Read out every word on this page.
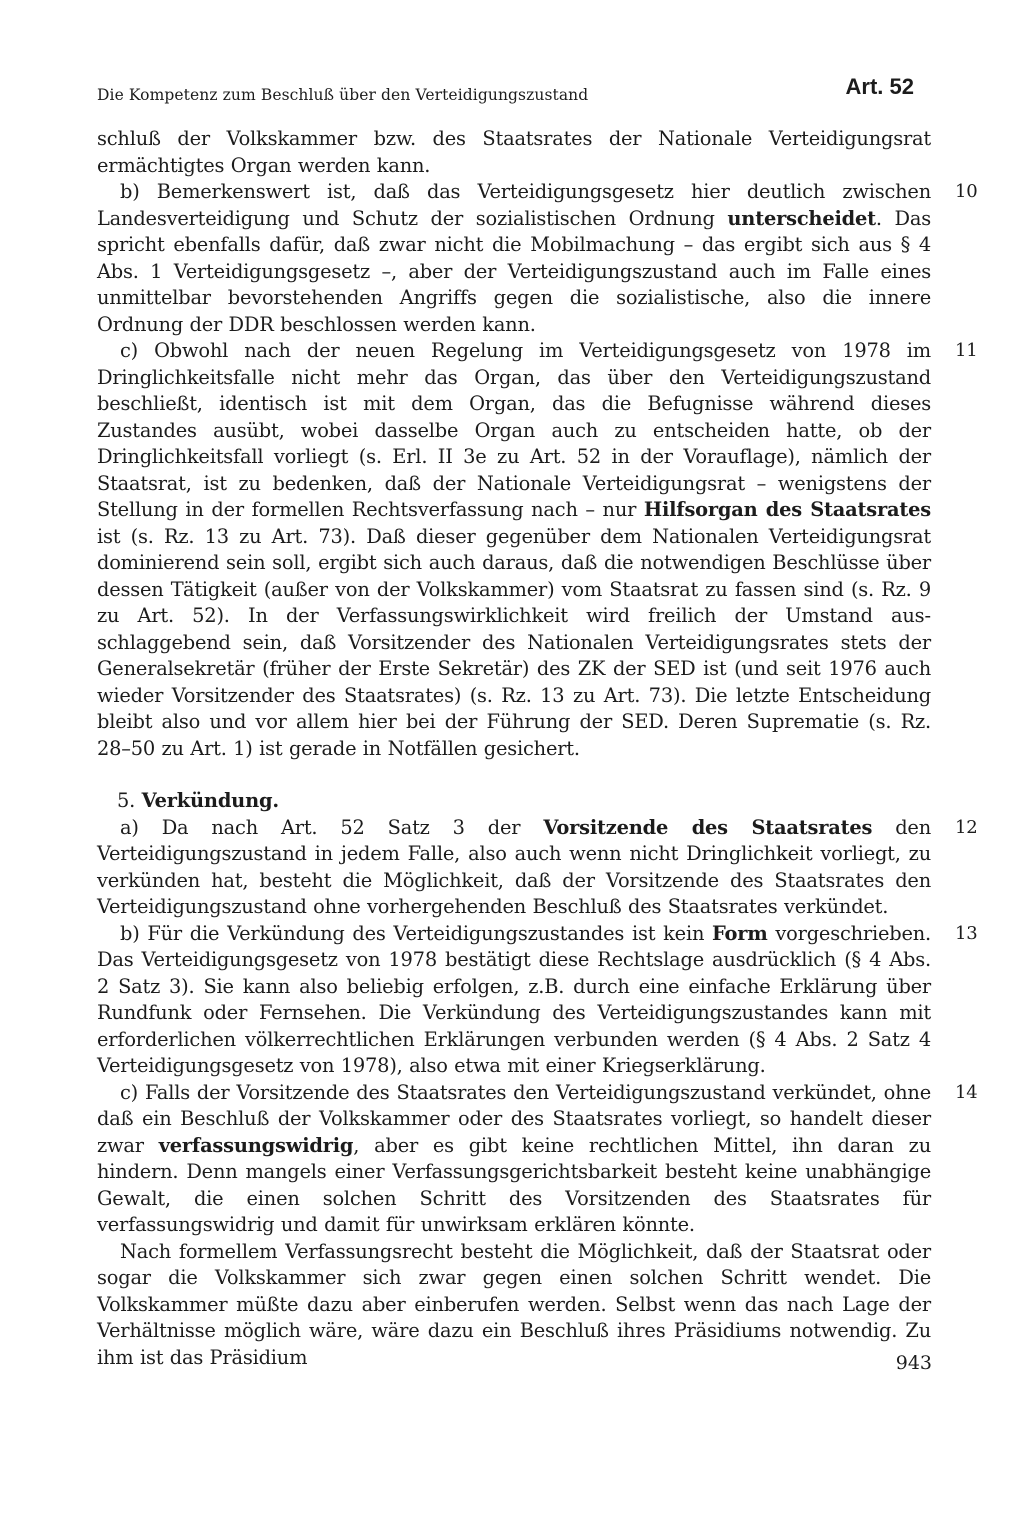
Die Kompetenz zum Beschluß über den Verteidigungszustand	Art. 52

schluß der Volkskammer bzw. des Staatsrates der Nationale Verteidigungsrat ermächtigtes Organ werden kann.

10
b) Bemerkenswert ist, daß das Verteidigungsgesetz hier deutlich zwischen Landesverteidigung und Schutz der sozialistischen Ordnung unterscheidet. Das spricht ebenfalls dafür, daß zwar nicht die Mobilmachung – das ergibt sich aus § 4 Abs. 1 Verteidigungsgesetz –, aber der Verteidigungszustand auch im Falle eines unmittelbar bevorstehenden Angriffs gegen die sozialistische, also die innere Ordnung der DDR beschlossen werden kann.

11
c) Obwohl nach der neuen Regelung im Verteidigungsgesetz von 1978 im Dringlichkeitsfalle nicht mehr das Organ, das über den Verteidigungszustand beschließt, identisch ist mit dem Organ, das die Befugnisse während dieses Zustandes ausübt, wobei dasselbe Organ auch zu entscheiden hatte, ob der Dringlichkeitsfall vorliegt (s. Erl. II 3e zu Art. 52 in der Vorauflage), nämlich der Staatsrat, ist zu bedenken, daß der Nationale Verteidigungsrat – wenigstens der Stellung in der formellen Rechtsverfassung nach – nur Hilfsorgan des Staatsrates ist (s. Rz. 13 zu Art. 73). Daß dieser gegenüber dem Nationalen Verteidigungsrat dominierend sein soll, ergibt sich auch daraus, daß die notwendigen Beschlüsse über dessen Tätigkeit (außer von der Volkskammer) vom Staatsrat zu fassen sind (s. Rz. 9 zu Art. 52). In der Verfassungswirklichkeit wird freilich der Umstand ausschlaggebend sein, daß Vorsitzender des Nationalen Verteidigungsrates stets der Generalsekretär (früher der Erste Sekretär) des ZK der SED ist (und seit 1976 auch wieder Vorsitzender des Staatsrates) (s. Rz. 13 zu Art. 73). Die letzte Entscheidung bleibt also und vor allem hier bei der Führung der SED. Deren Suprematie (s. Rz. 28–50 zu Art. 1) ist gerade in Notfällen gesichert.

5. Verkündung.

12
a) Da nach Art. 52 Satz 3 der Vorsitzende des Staatsrates den Verteidigungszustand in jedem Falle, also auch wenn nicht Dringlichkeit vorliegt, zu verkünden hat, besteht die Möglichkeit, daß der Vorsitzende des Staatsrates den Verteidigungszustand ohne vorhergehenden Beschluß des Staatsrates verkündet.

13
b) Für die Verkündung des Verteidigungszustandes ist kein Form vorgeschrieben. Das Verteidigungsgesetz von 1978 bestätigt diese Rechtslage ausdrücklich (§ 4 Abs. 2 Satz 3). Sie kann also beliebig erfolgen, z.B. durch eine einfache Erklärung über Rundfunk oder Fernsehen. Die Verkündung des Verteidigungszustandes kann mit erforderlichen völkerrechtlichen Erklärungen verbunden werden (§ 4 Abs. 2 Satz 4 Verteidigungsgesetz von 1978), also etwa mit einer Kriegserklärung.

14
c) Falls der Vorsitzende des Staatsrates den Verteidigungszustand verkündet, ohne daß ein Beschluß der Volkskammer oder des Staatsrates vorliegt, so handelt dieser zwar verfassungswidrig, aber es gibt keine rechtlichen Mittel, ihn daran zu hindern. Denn mangels einer Verfassungsgerichtsbarkeit besteht keine unabhängige Gewalt, die einen solchen Schritt des Vorsitzenden des Staatsrates für verfassungswidrig und damit für unwirksam erklären könnte.

Nach formellem Verfassungsrecht besteht die Möglichkeit, daß der Staatsrat oder sogar die Volkskammer sich zwar gegen einen solchen Schritt wendet. Die Volkskammer müßte dazu aber einberufen werden. Selbst wenn das nach Lage der Verhältnisse möglich wäre, wäre dazu ein Beschluß ihres Präsidiums notwendig. Zu ihm ist das Präsidium	943
